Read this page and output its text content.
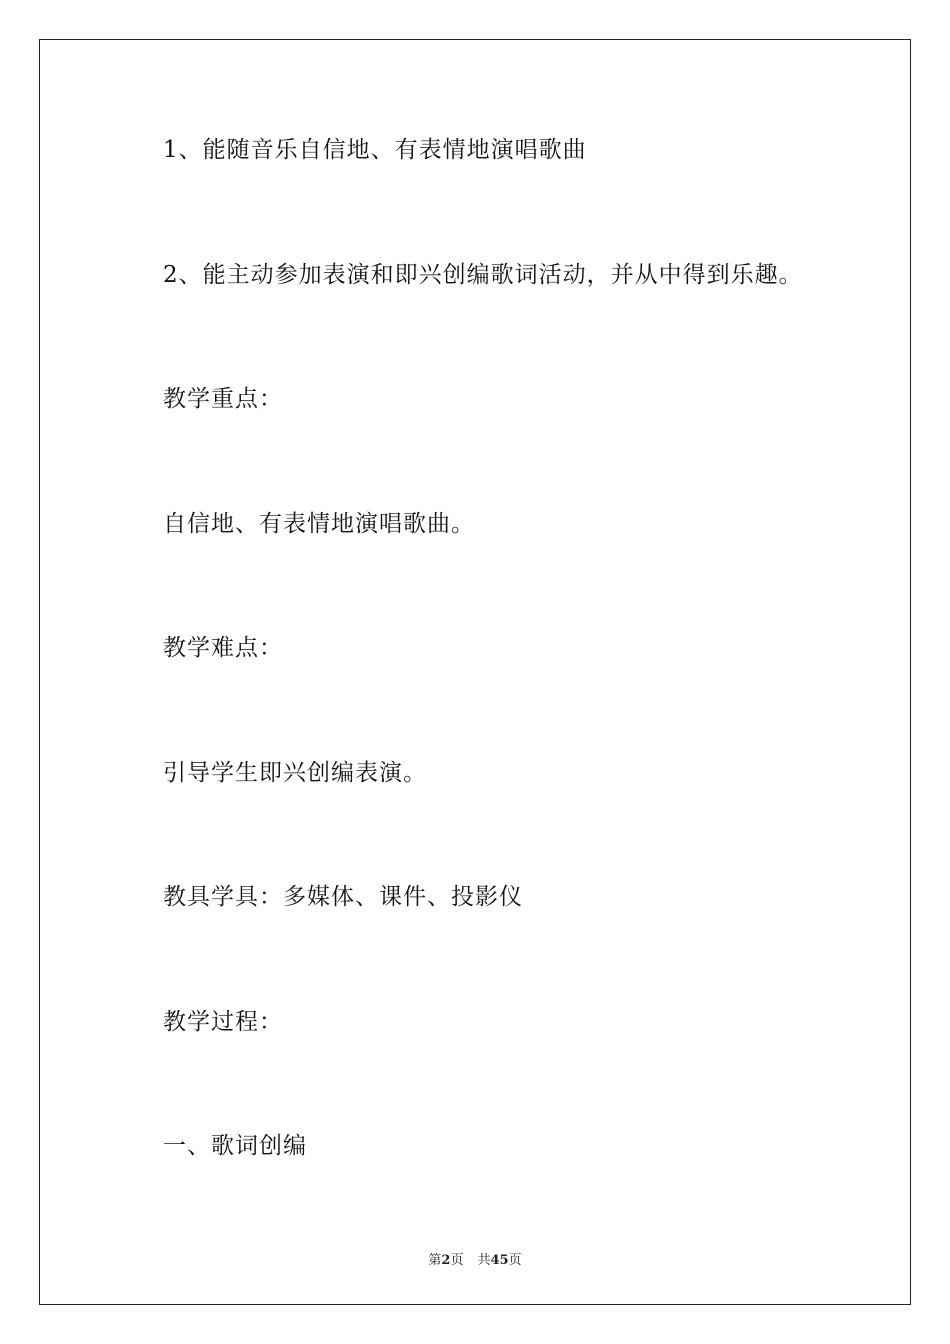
1、能随音乐自信地、有表情地演唱歌曲
2、能主动参加表演和即兴创编歌词活动，并从中得到乐趣。
教学重点：
自信地、有表情地演唱歌曲。
教学难点：
引导学生即兴创编表演。
教具学具：多媒体、课件、投影仪
教学过程：
一、歌词创编
第2页 共45页
